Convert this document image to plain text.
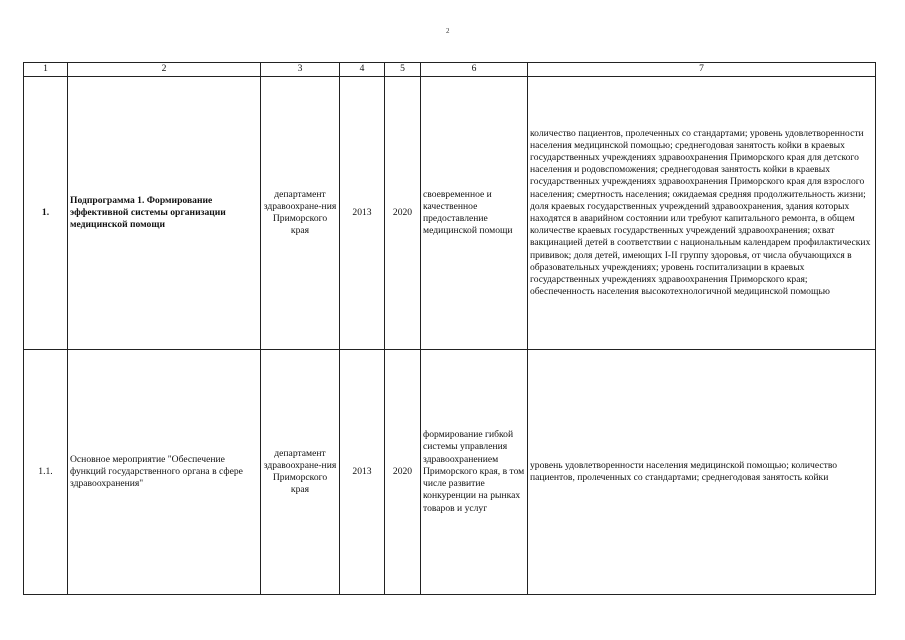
2
1	2	3	4	5	6	7
1.	Подпрограмма 1. Формирование эффективной системы организации медицинской помощи	департамент здравоохране-ния Приморского края	2013	2020	своевременное и качественное предоставление медицинской помощи	количество пациентов, пролеченных со стандартами; уровень удовлетворенности населения медицинской помощью; среднегодовая занятость койки в краевых государственных учреждениях здравоохранения Приморского края для детского населения и родовспоможения; среднегодовая занятость койки в краевых государственных учреждениях здравоохранения Приморского края для взрослого населения; смертность населения; ожидаемая средняя продолжительность жизни; доля краевых государственных учреждений здравоохранения, здания которых находятся в аварийном состоянии или требуют капитального ремонта, в общем количестве краевых государственных учреждений здравоохранения; охват вакцинацией детей в соответствии с национальным календарем профилактических прививок; доля детей, имеющих I-II группу здоровья, от числа обучающихся в образовательных учреждениях; уровень госпитализации в краевых государственных учреждениях здравоохранения Приморского края; обеспеченность населения высокотехнологичной медицинской помощью
1.1.	Основное мероприятие "Обеспечение функций государственного органа в сфере здравоохранения"	департамент здравоохране-ния Приморского края	2013	2020	формирование гибкой системы управления здравоохранением Приморского края, в том числе развитие конкуренции на рынках товаров и услуг	уровень удовлетворенности населения медицинской помощью; количество пациентов, пролеченных со стандартами; среднегодовая занятость койки
